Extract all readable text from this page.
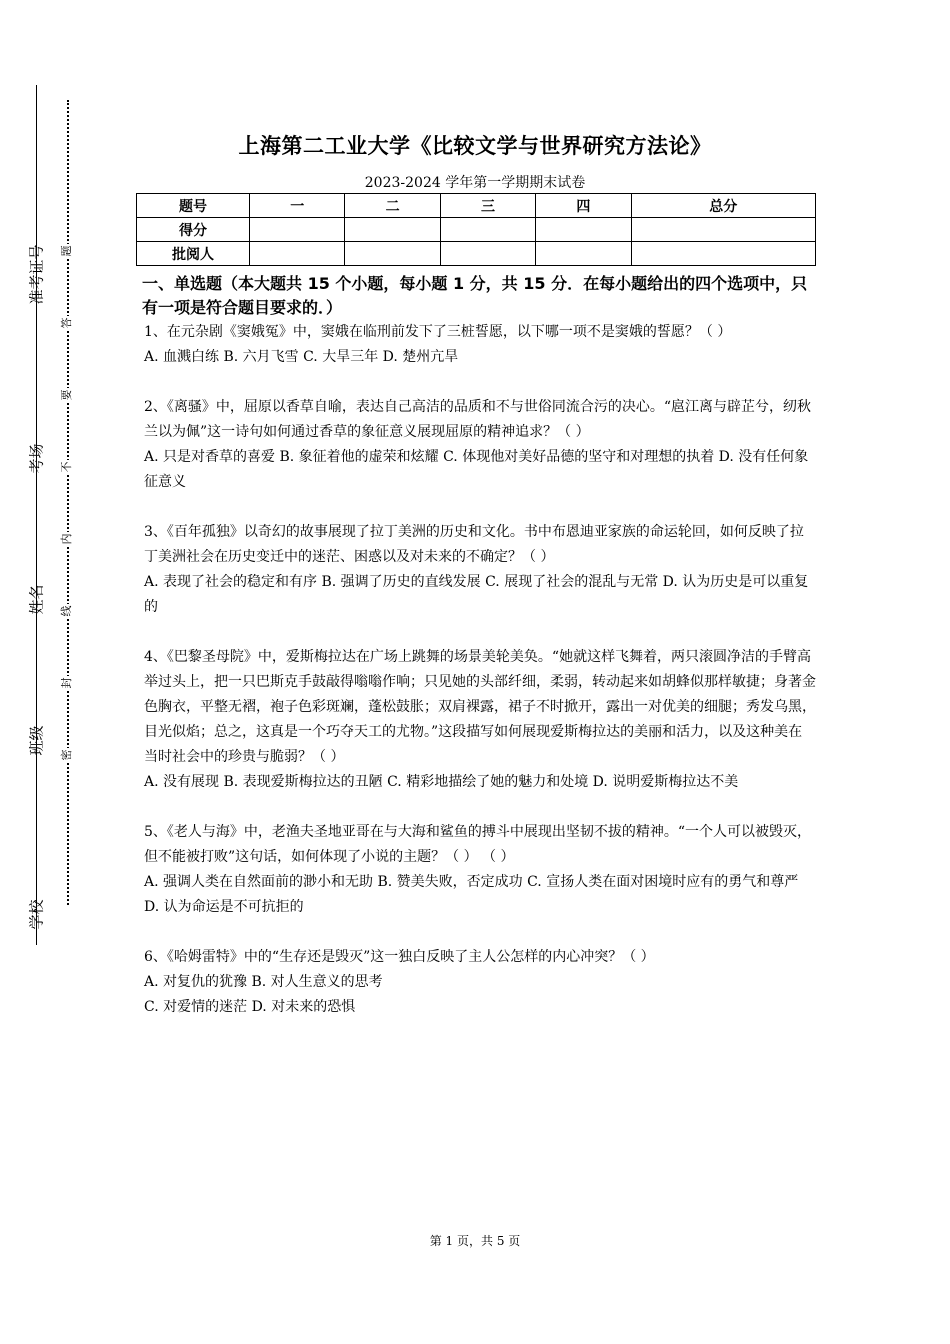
准考证号
考场
姓名
班级
学校
题
答
要
不
内
线
封
密
上海第二工业大学《比较文学与世界研究方法论》
2023-2024 学年第一学期期末试卷
题号	一	二	三	四	总分
得分					
批阅人					
一、单选题（本大题共 15 个小题，每小题 1 分，共 15 分．在每小题给出的四个选项中，只有一项是符合题目要求的．）

1、在元杂剧《窦娥冤》中，窦娥在临刑前发下了三桩誓愿，以下哪一项不是窦娥的誓愿？（ ）

A. 血溅白练 B. 六月飞雪 C. 大旱三年 D. 楚州亢旱

2、《离骚》中，屈原以香草自喻，表达自己高洁的品质和不与世俗同流合污的决心。“扈江离与辟芷兮，纫秋兰以为佩”这一诗句如何通过香草的象征意义展现屈原的精神追求？（ ）

A. 只是对香草的喜爱 B. 象征着他的虚荣和炫耀 C. 体现他对美好品德的坚守和对理想的执着 D. 没有任何象征意义

3、《百年孤独》以奇幻的故事展现了拉丁美洲的历史和文化。书中布恩迪亚家族的命运轮回，如何反映了拉丁美洲社会在历史变迁中的迷茫、困惑以及对未来的不确定？（ ）

A. 表现了社会的稳定和有序 B. 强调了历史的直线发展 C. 展现了社会的混乱与无常 D. 认为历史是可以重复的

4、《巴黎圣母院》中，爱斯梅拉达在广场上跳舞的场景美轮美奂。“她就这样飞舞着，两只滚圆净洁的手臂高举过头上，把一只巴斯克手鼓敲得嗡嗡作响；只见她的头部纤细，柔弱，转动起来如胡蜂似那样敏捷；身著金色胸衣，平整无褶，袍子色彩斑斓，蓬松鼓胀；双肩裸露，裙子不时掀开，露出一对优美的细腿；秀发乌黑，目光似焰；总之，这真是一个巧夺天工的尤物。”这段描写如何展现爱斯梅拉达的美丽和活力，以及这种美在当时社会中的珍贵与脆弱？（ ）

A. 没有展现 B. 表现爱斯梅拉达的丑陋 C. 精彩地描绘了她的魅力和处境 D. 说明爱斯梅拉达不美

5、《老人与海》中，老渔夫圣地亚哥在与大海和鲨鱼的搏斗中展现出坚韧不拔的精神。“一个人可以被毁灭，但不能被打败”这句话，如何体现了小说的主题？（ ） （ ）

A. 强调人类在自然面前的渺小和无助 B. 赞美失败，否定成功 C. 宣扬人类在面对困境时应有的勇气和尊严 D. 认为命运是不可抗拒的

6、《哈姆雷特》中的“生存还是毁灭”这一独白反映了主人公怎样的内心冲突？（ ）

A. 对复仇的犹豫 B. 对人生意义的思考

C. 对爱情的迷茫 D. 对未来的恐惧

第 1 页，共 5 页
